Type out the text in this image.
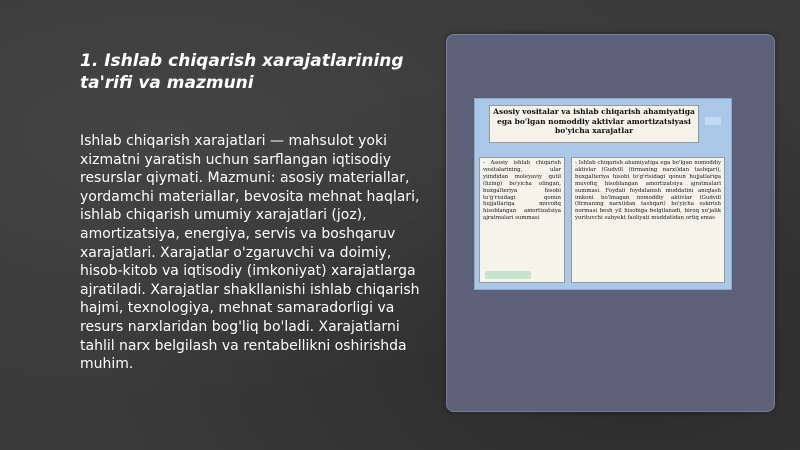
1. Ishlab chiqarish xarajatlarining ta'rifi va mazmuni

Ishlab chiqarish xarajatlari — mahsulot yoki xizmatni yaratish uchun sarflangan iqtisodiy resurslar qiymati. Mazmuni: asosiy materiallar, yordamchi materiallar, bevosita mehnat haqlari, ishlab chiqarish umumiy xarajatlari (joz), amortizatsiya, energiya, servis va boshqaruv xarajatlari. Xarajatlar o'zgaruvchi va doimiy, hisob-kitob va iqtisodiy (imkoniyat) xarajatlarga ajratiladi. Xarajatlar shakllanishi ishlab chiqarish hajmi, texnologiya, mehnat samaradorligi va resurs narxlaridan bog'liq bo'ladi. Xarajatlarni tahlil narx belgilash va rentabellikni oshirishda muhim.

Asosiy vositalar va ishlab chiqarish ahamiyatiga ega bo'lgan nomoddiy aktivlar amortizatsiyasi bo'yicha xarajatlar
- Asosiy ishlab chiqarish vositalarining, ular yiindidan moleyaviy qutil (lizing) bo'yicha olingan, buxgalteriya hisobi to'g'risidagi qonun hujjatlariga muvofiq hisoblangan amortizatsiya ajratmalari summasi
- Ishlab chiqarish ahamiyatiga ega bo'lgan nomoddiy aktivlar (Gudvill (firmaning narxi)dan tashqari), buxgalteriya hisobi to'g'risidagi qonun hujjatlariga muvofiq hisoblangan amortizatsiya ajratmalari summasi. Foydali foydalanish muddatini aniqlash imkoni bo'lmagan nomoddiy aktivlar (Gudvill (firmaning narxi)dan tashqari) bo'yicha eskirish normasi besh yil hisobiga belgilanadi, biroq xo'jalik yurituvchi subyekt faoliyati muddatidan ortiq emas
